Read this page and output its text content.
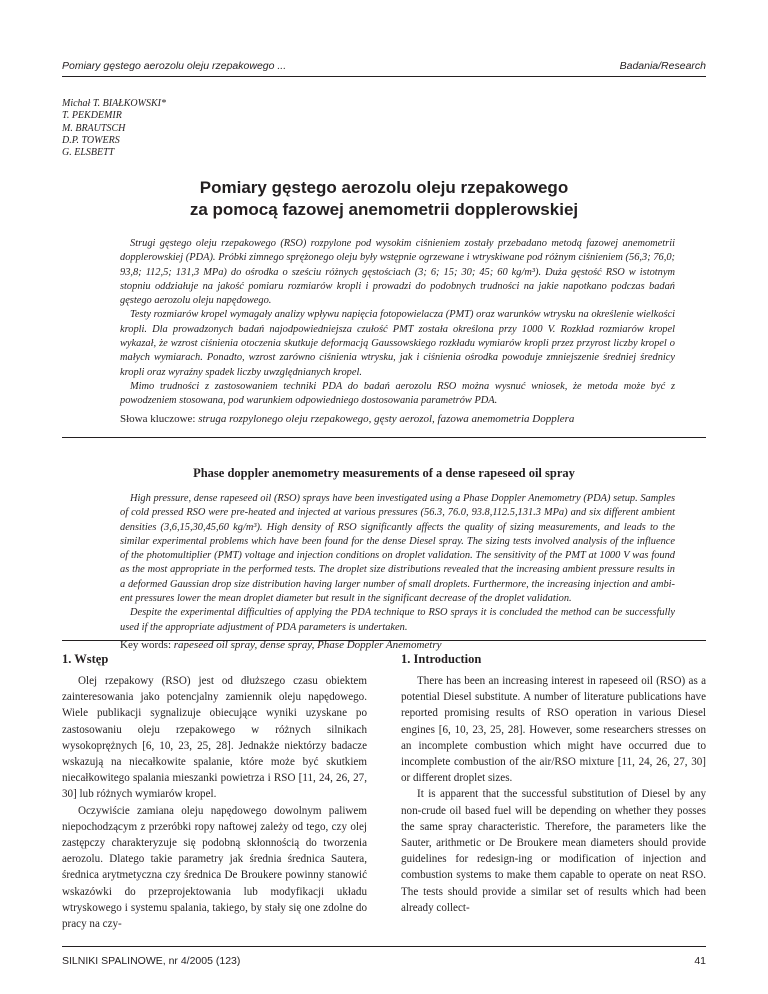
Pomiary gęstego aerozolu oleju rzepakowego ...	Badania/Research
Michał T. BIAŁKOWSKI*
T. PEKDEMIR
M. BRAUTSCH
D.P. TOWERS
G. ELSBETT
Pomiary gęstego aerozolu oleju rzepakowego
za pomocą fazowej anemometrii dopplerowskiej

Strugi gęstego oleju rzepakowego (RSO) rozpylone pod wysokim ciśnieniem zostały przebadano metodą fazowej anemometrii dopplerowskiej (PDA). Próbki zimnego sprężonego oleju były wstępnie ogrzewane i wtryskiwane pod różnym ciśnieniem (56,3; 76,0; 93,8; 112,5; 131,3 MPa) do ośrodka o sześciu różnych gęstościach (3; 6; 15; 30; 45; 60 kg/m³). Duża gęstość RSO w istotnym stopniu oddziałuje na jakość pomiaru rozmiarów kropli i prowadzi do podobnych trudności na jakie napotkano podczas badań gęstego aerozolu oleju napędowego.

Testy rozmiarów kropel wymagały analizy wpływu napięcia fotopowielacza (PMT) oraz warunków wtrysku na określenie wielkości kropli. Dla prowadzonych badań najodpowiedniejsza czułość PMT została określona przy 1000 V. Rozkład rozmiarów kropel wykazał, że wzrost ciśnienia otoczenia skutkuje deformacją Gaussowskiego rozkładu wymiarów kropli przez przyrost liczby kropel o małych wymiarach. Ponadto, wzrost zarówno ciśnienia wtrysku, jak i ciśnienia ośrodka powoduje zmniejszenie średniej średnicy kropli oraz wyraźny spadek liczby uwzględnianych kropel.

Mimo trudności z zastosowaniem techniki PDA do badań aerozolu RSO można wysnuć wniosek, że metoda może być z powodzeniem stosowana, pod warunkiem odpowiedniego dostosowania parametrów PDA.

Słowa kluczowe: struga rozpylonego oleju rzepakowego, gęsty aerozol, fazowa anemometria Dopplera
Phase doppler anemometry measurements of a dense rapeseed oil spray

High pressure, dense rapeseed oil (RSO) sprays have been investigated using a Phase Doppler Anemometry (PDA) setup. Samples of cold pressed RSO were pre-heated and injected at various pressures (56.3, 76.0, 93.8,112.5,131.3 MPa) and six different ambient densities (3,6,15,30,45,60 kg/m³). High density of RSO significantly affects the quality of sizing measurements, and leads to the similar experimental problems which have been found for the dense Diesel spray. The sizing tests involved analysis of the influence of the photomultiplier (PMT) voltage and injection conditions on droplet validation. The sensitivity of the PMT at 1000 V was found as the most appropriate in the performed tests. The droplet size distributions revealed that the increasing ambient pressure results in a deformed Gaussian drop size distribution having larger number of small droplets. Furthermore, the increasing injection and ambi-ent pressures lower the mean droplet diameter but result in the significant decrease of the droplet validation.

Despite the experimental difficulties of applying the PDA technique to RSO sprays it is concluded the method can be successfully used if the appropriate adjustment of PDA parameters is undertaken.

Key words: rapeseed oil spray, dense spray, Phase Doppler Anemometry
1. Wstęp

Olej rzepakowy (RSO) jest od dłuższego czasu obiektem zainteresowania jako potencjalny zamiennik oleju napędowego. Wiele publikacji sygnalizuje obiecujące wyniki uzyskane po zastosowaniu oleju rzepakowego w różnych silnikach wysokoprężnych [6, 10, 23, 25, 28]. Jednakże niektórzy badacze wskazują na niecałkowite spalanie, które może być skutkiem niecałkowitego spalania mieszanki powietrza i RSO [11, 24, 26, 27, 30] lub różnych wymiarów kropel.

Oczywiście zamiana oleju napędowego dowolnym paliwem niepochodzącym z przeróbki ropy naftowej zależy od tego, czy olej zastępczy charakteryzuje się podobną skłonnością do tworzenia aerozolu. Dlatego takie parametry jak średnia średnica Sautera, średnica arytmetyczna czy średnica De Broukere powinny stanowić wskazówki do przeprojektowania lub modyfikacji układu wtryskowego i systemu spalania, takiego, by stały się one zdolne do pracy na czy-

1. Introduction

There has been an increasing interest in rapeseed oil (RSO) as a potential Diesel substitute. A number of literature publications have reported promising results of RSO operation in various Diesel engines [6, 10, 23, 25, 28]. However, some researchers stresses on an incomplete combustion which might have occurred due to incomplete combustion of the air/RSO mixture [11, 24, 26, 27, 30] or different droplet sizes.

It is apparent that the successful substitution of Diesel by any non-crude oil based fuel will be depending on whether they posses the same spray characteristic. Therefore, the parameters like the Sauter, arithmetic or De Broukere mean diameters should provide guidelines for redesign-ing or modification of injection and combustion systems to make them capable to operate on neat RSO. The tests should provide a similar set of results which had been already collect-

SILNIKI SPALINOWE, nr 4/2005 (123)	41
